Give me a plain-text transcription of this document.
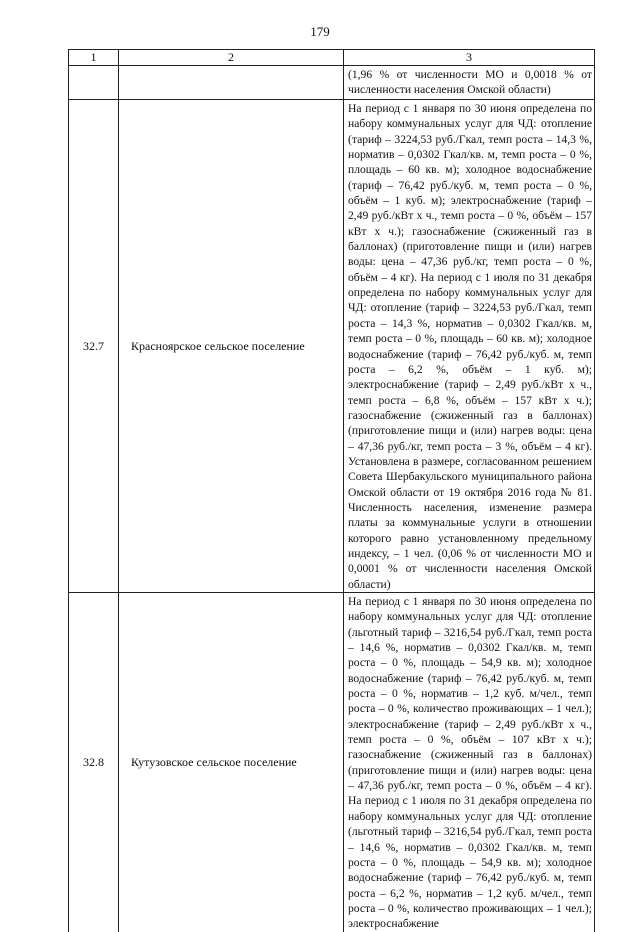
179
1	2	3

		(1,96 % от численности МО и 0,0018 % от численности населения Омской области)

32.7	Красноярское сельское поселение	На период с 1 января по 30 июня определена по набору коммунальных услуг для ЧД: отопление (тариф – 3224,53 руб./Гкал, темп роста – 14,3 %, норматив – 0,0302 Гкал/кв. м, темп роста – 0 %, площадь – 60 кв. м); холодное водоснабжение (тариф – 76,42 руб./куб. м, темп роста – 0 %, объём – 1 куб. м); электроснабжение (тариф – 2,49 руб./кВт х ч., темп роста – 0 %, объём – 157 кВт х ч.); газоснабжение (сжиженный газ в баллонах) (приготовление пищи и (или) нагрев воды: цена – 47,36 руб./кг, темп роста – 0 %, объём – 4 кг). На период с 1 июля по 31 декабря определена по набору коммунальных услуг для ЧД: отопление (тариф – 3224,53 руб./Гкал, темп роста – 14,3 %, норматив – 0,0302 Гкал/кв. м, темп роста – 0 %, площадь – 60 кв. м); холодное водоснабжение (тариф – 76,42 руб./куб. м, темп роста – 6,2 %, объём – 1 куб. м); электроснабжение (тариф – 2,49 руб./кВт х ч., темп роста – 6,8 %, объём – 157 кВт х ч.); газоснабжение (сжиженный газ в баллонах) (приготовление пищи и (или) нагрев воды: цена – 47,36 руб./кг, темп роста – 3 %, объём – 4 кг). Установлена в размере, согласованном решением Совета Шербакульского муниципального района Омской области от 19 октября 2016 года № 81. Численность населения, изменение размера платы за коммунальные услуги в отношении которого равно установленному предельному индексу, – 1 чел. (0,06 % от численности МО и 0,0001 % от численности населения Омской области)

32.8	Кутузовское сельское поселение	На период с 1 января по 30 июня определена по набору коммунальных услуг для ЧД: отопление (льготный тариф – 3216,54 руб./Гкал, темп роста – 14,6 %, норматив – 0,0302 Гкал/кв. м, темп роста – 0 %, площадь – 54,9 кв. м); холодное водоснабжение (тариф – 76,42 руб./куб. м, темп роста – 0 %, норматив – 1,2 куб. м/чел., темп роста – 0 %, количество проживающих – 1 чел.); электроснабжение (тариф – 2,49 руб./кВт х ч., темп роста – 0 %, объём – 107 кВт х ч.); газоснабжение (сжиженный газ в баллонах) (приготовление пищи и (или) нагрев воды: цена – 47,36 руб./кг, темп роста – 0 %, объём – 4 кг). На период с 1 июля по 31 декабря определена по набору коммунальных услуг для ЧД: отопление (льготный тариф – 3216,54 руб./Гкал, темп роста – 14,6 %, норматив – 0,0302 Гкал/кв. м, темп роста – 0 %, площадь – 54,9 кв. м); холодное водоснабжение (тариф – 76,42 руб./куб. м, темп роста – 6,2 %, норматив – 1,2 куб. м/чел., темп роста – 0 %, количество проживающих – 1 чел.); электроснабжение
